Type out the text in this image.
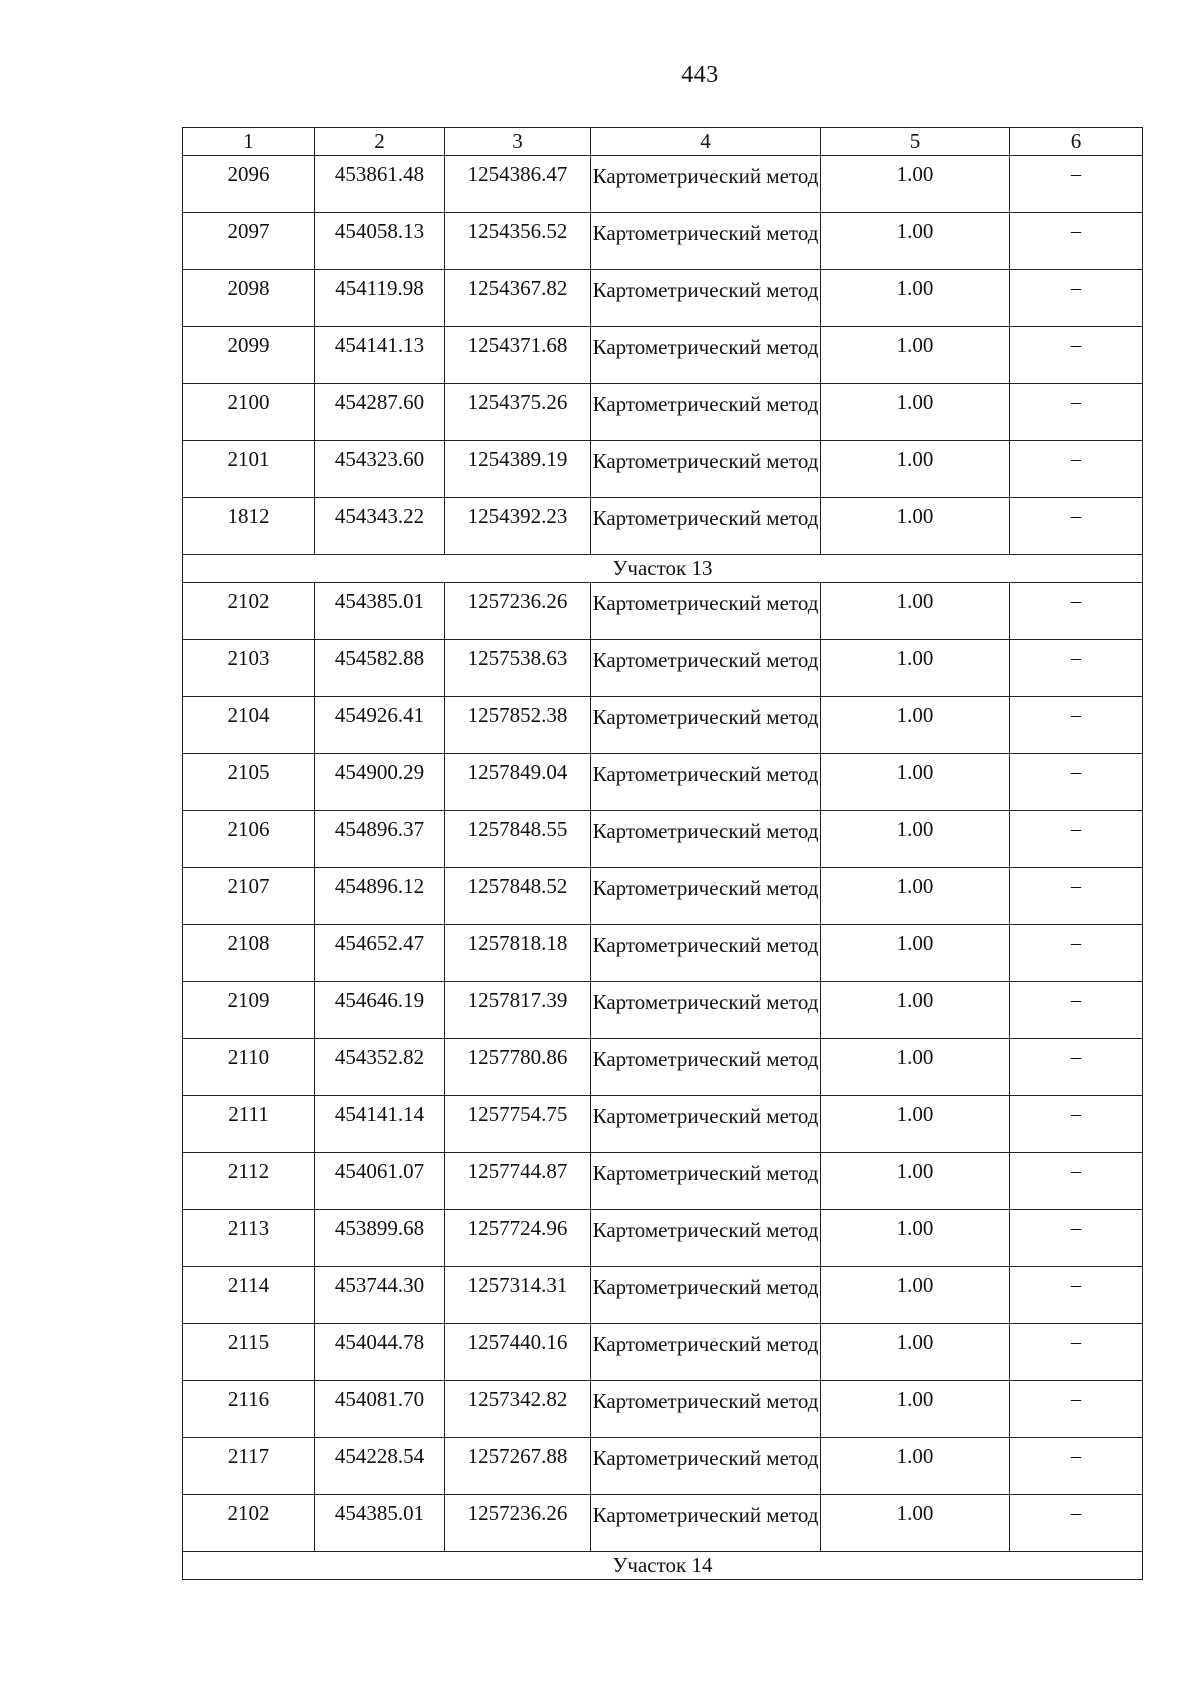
443
1	2	3	4	5	6

2096	453861.48	1254386.47	Картометрический метод	1.00	–

2097	454058.13	1254356.52	Картометрический метод	1.00	–

2098	454119.98	1254367.82	Картометрический метод	1.00	–

2099	454141.13	1254371.68	Картометрический метод	1.00	–

2100	454287.60	1254375.26	Картометрический метод	1.00	–

2101	454323.60	1254389.19	Картометрический метод	1.00	–

1812	454343.22	1254392.23	Картометрический метод	1.00	–

Участок 13					

2102	454385.01	1257236.26	Картометрический метод	1.00	–

2103	454582.88	1257538.63	Картометрический метод	1.00	–

2104	454926.41	1257852.38	Картометрический метод	1.00	–

2105	454900.29	1257849.04	Картометрический метод	1.00	–

2106	454896.37	1257848.55	Картометрический метод	1.00	–

2107	454896.12	1257848.52	Картометрический метод	1.00	–

2108	454652.47	1257818.18	Картометрический метод	1.00	–

2109	454646.19	1257817.39	Картометрический метод	1.00	–

2110	454352.82	1257780.86	Картометрический метод	1.00	–

2111	454141.14	1257754.75	Картометрический метод	1.00	–

2112	454061.07	1257744.87	Картометрический метод	1.00	–

2113	453899.68	1257724.96	Картометрический метод	1.00	–

2114	453744.30	1257314.31	Картометрический метод	1.00	–

2115	454044.78	1257440.16	Картометрический метод	1.00	–

2116	454081.70	1257342.82	Картометрический метод	1.00	–

2117	454228.54	1257267.88	Картометрический метод	1.00	–

2102	454385.01	1257236.26	Картометрический метод	1.00	–

Участок 14					
